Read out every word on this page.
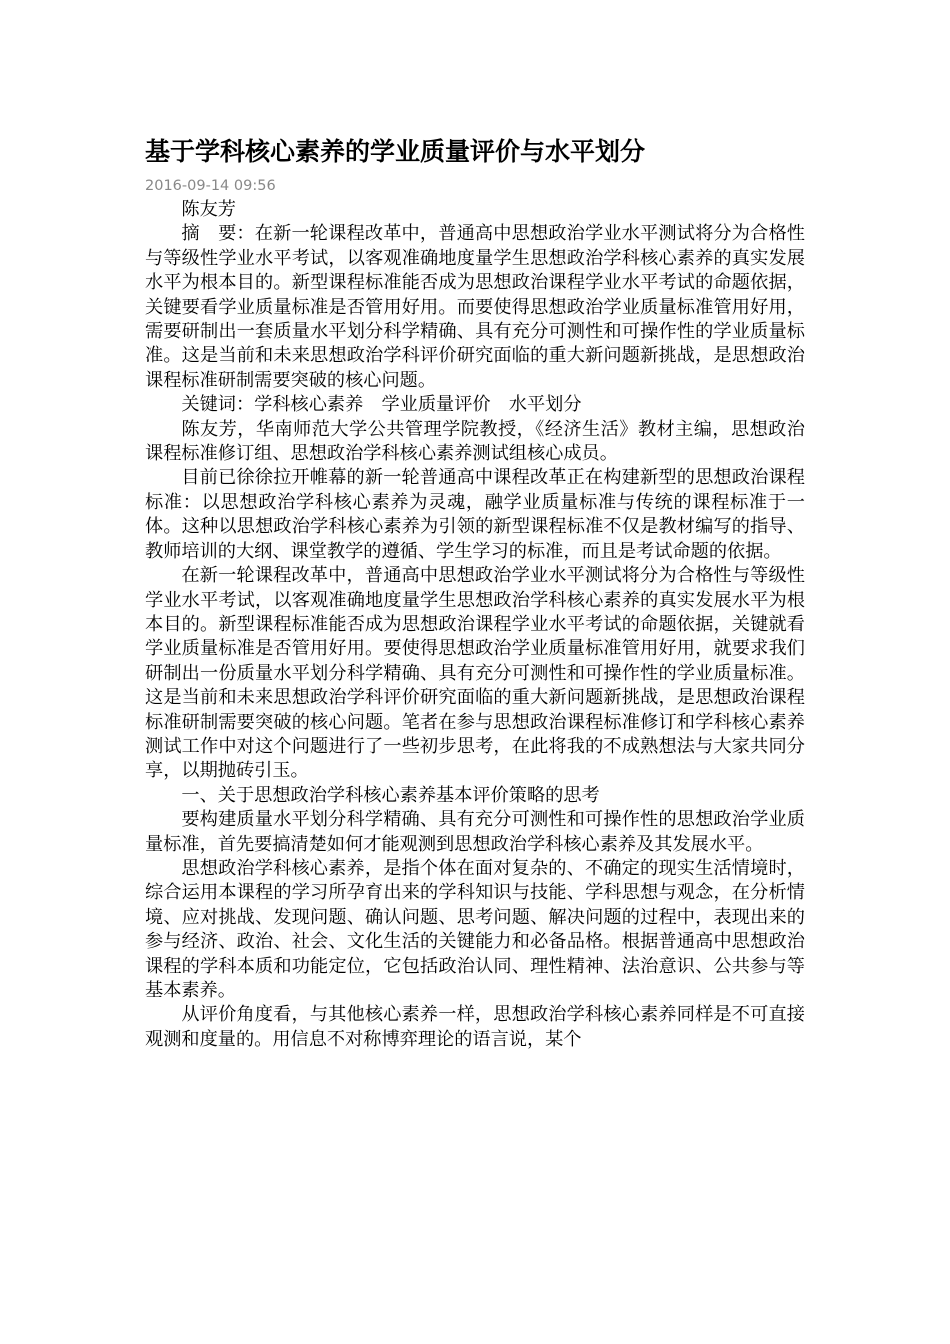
基于学科核心素养的学业质量评价与水平划分
2016-09-14 09:56

陈友芳

摘　要：在新一轮课程改革中，普通高中思想政治学业水平测试将分为合格性与等级性学业水平考试，以客观准确地度量学生思想政治学科核心素养的真实发展水平为根本目的。新型课程标准能否成为思想政治课程学业水平考试的命题依据，关键要看学业质量标准是否管用好用。而要使得思想政治学业质量标准管用好用，需要研制出一套质量水平划分科学精确、具有充分可测性和可操作性的学业质量标准。这是当前和未来思想政治学科评价研究面临的重大新问题新挑战，是思想政治课程标准研制需要突破的核心问题。

关键词：学科核心素养　学业质量评价　水平划分

陈友芳，华南师范大学公共管理学院教授，《经济生活》教材主编，思想政治课程标准修订组、思想政治学科核心素养测试组核心成员。

目前已徐徐拉开帷幕的新一轮普通高中课程改革正在构建新型的思想政治课程标准：以思想政治学科核心素养为灵魂，融学业质量标准与传统的课程标准于一体。这种以思想政治学科核心素养为引领的新型课程标准不仅是教材编写的指导、教师培训的大纲、课堂教学的遵循、学生学习的标准，而且是考试命题的依据。

在新一轮课程改革中，普通高中思想政治学业水平测试将分为合格性与等级性学业水平考试，以客观准确地度量学生思想政治学科核心素养的真实发展水平为根本目的。新型课程标准能否成为思想政治课程学业水平考试的命题依据，关键就看学业质量标准是否管用好用。要使得思想政治学业质量标准管用好用，就要求我们研制出一份质量水平划分科学精确、具有充分可测性和可操作性的学业质量标准。这是当前和未来思想政治学科评价研究面临的重大新问题新挑战，是思想政治课程标准研制需要突破的核心问题。笔者在参与思想政治课程标准修订和学科核心素养测试工作中对这个问题进行了一些初步思考，在此将我的不成熟想法与大家共同分享，以期抛砖引玉。

一、关于思想政治学科核心素养基本评价策略的思考

要构建质量水平划分科学精确、具有充分可测性和可操作性的思想政治学业质量标准，首先要搞清楚如何才能观测到思想政治学科核心素养及其发展水平。

思想政治学科核心素养，是指个体在面对复杂的、不确定的现实生活情境时，综合运用本课程的学习所孕育出来的学科知识与技能、学科思想与观念，在分析情境、应对挑战、发现问题、确认问题、思考问题、解决问题的过程中，表现出来的参与经济、政治、社会、文化生活的关键能力和必备品格。根据普通高中思想政治课程的学科本质和功能定位，它包括政治认同、理性精神、法治意识、公共参与等基本素养。

从评价角度看，与其他核心素养一样，思想政治学科核心素养同样是不可直接观测和度量的。用信息不对称博弈理论的语言说，某个
